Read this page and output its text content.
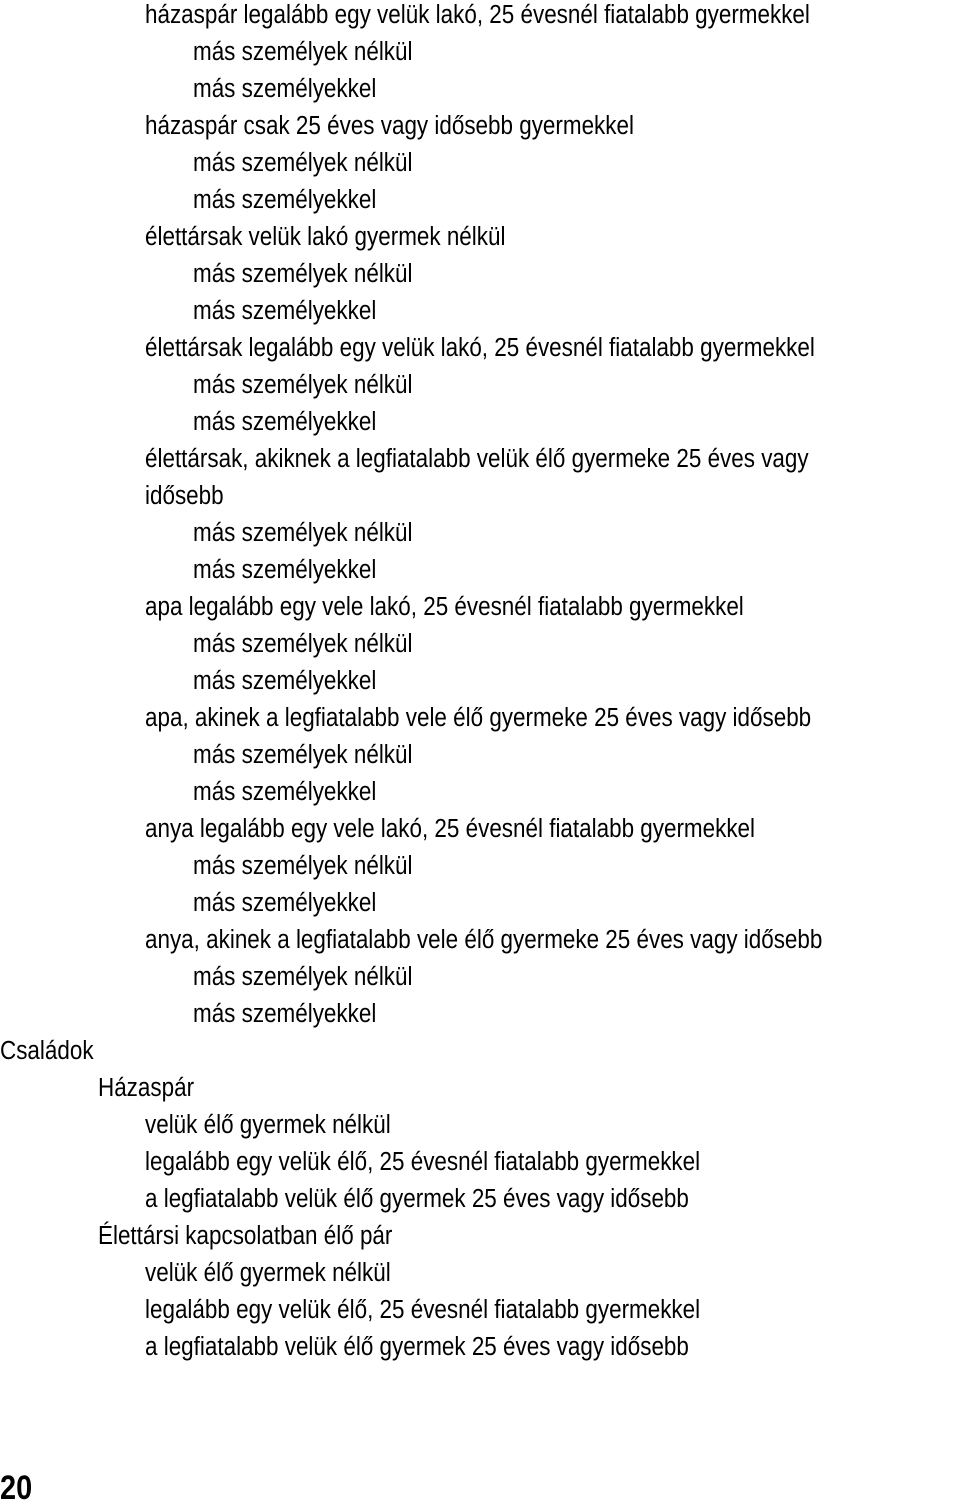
házaspár legalább egy velük lakó, 25 évesnél fiatalabb gyermekkel
más személyek nélkül
más személyekkel
házaspár csak 25 éves vagy idősebb gyermekkel
más személyek nélkül
más személyekkel
élettársak velük lakó gyermek nélkül
más személyek nélkül
más személyekkel
élettársak legalább egy velük lakó, 25 évesnél fiatalabb gyermekkel
más személyek nélkül
más személyekkel
élettársak, akiknek a legfiatalabb velük élő gyermeke 25 éves vagy
idősebb
más személyek nélkül
más személyekkel
apa legalább egy vele lakó, 25 évesnél fiatalabb gyermekkel
más személyek nélkül
más személyekkel
apa, akinek a legfiatalabb vele élő gyermeke 25 éves vagy idősebb
más személyek nélkül
más személyekkel
anya legalább egy vele lakó, 25 évesnél fiatalabb gyermekkel
más személyek nélkül
más személyekkel
anya, akinek a legfiatalabb vele élő gyermeke 25 éves vagy idősebb
más személyek nélkül
más személyekkel
Családok
Házaspár
velük élő gyermek nélkül
legalább egy velük élő, 25 évesnél fiatalabb gyermekkel
a legfiatalabb velük élő gyermek 25 éves vagy idősebb
Élettársi kapcsolatban élő pár
velük élő gyermek nélkül
legalább egy velük élő, 25 évesnél fiatalabb gyermekkel
a legfiatalabb velük élő gyermek 25 éves vagy idősebb
20
